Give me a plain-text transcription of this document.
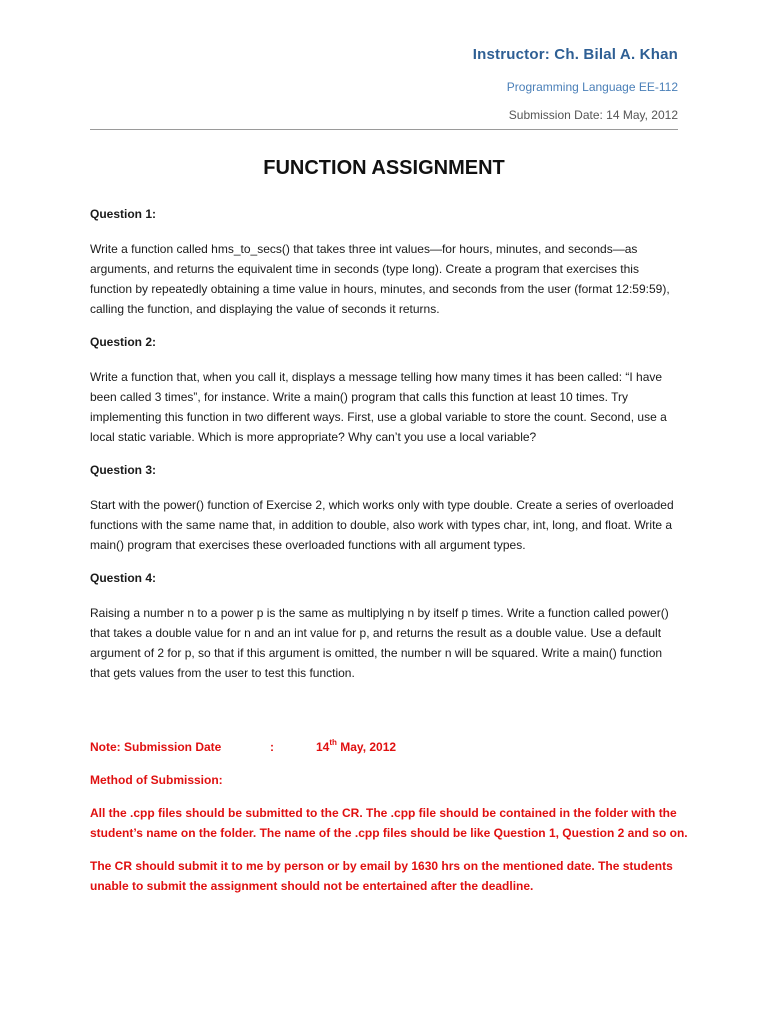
Instructor: Ch. Bilal A. Khan
Programming Language EE-112
Submission Date: 14 May, 2012
FUNCTION ASSIGNMENT

Question 1:

Write a function called hms_to_secs() that takes three int values—for hours, minutes, and seconds—as arguments, and returns the equivalent time in seconds (type long). Create a program that exercises this function by repeatedly obtaining a time value in hours, minutes, and seconds from the user (format 12:59:59), calling the function, and displaying the value of seconds it returns.

Question 2:

Write a function that, when you call it, displays a message telling how many times it has been called: “I have been called 3 times”, for instance. Write a main() program that calls this function at least 10 times. Try implementing this function in two different ways. First, use a global variable to store the count. Second, use a local static variable. Which is more appropriate? Why can’t you use a local variable?

Question 3:

Start with the power() function of Exercise 2, which works only with type double. Create a series of overloaded functions with the same name that, in addition to double, also work with types char, int, long, and float. Write a main() program that exercises these overloaded functions with all argument types.

Question 4:

Raising a number n to a power p is the same as multiplying n by itself p times. Write a function called power() that takes a double value for n and an int value for p, and returns the result as a double value. Use a default argument of 2 for p, so that if this argument is omitted, the number n will be squared. Write a main() function that gets values from the user to test this function.

Note: Submission Date	:	14th May, 2012

Method of Submission:

All the .cpp files should be submitted to the CR. The .cpp file should be contained in the folder with the student’s name on the folder. The name of the .cpp files should be like Question 1, Question 2 and so on.

The CR should submit it to me by person or by email by 1630 hrs on the mentioned date. The students unable to submit the assignment should not be entertained after the deadline.
